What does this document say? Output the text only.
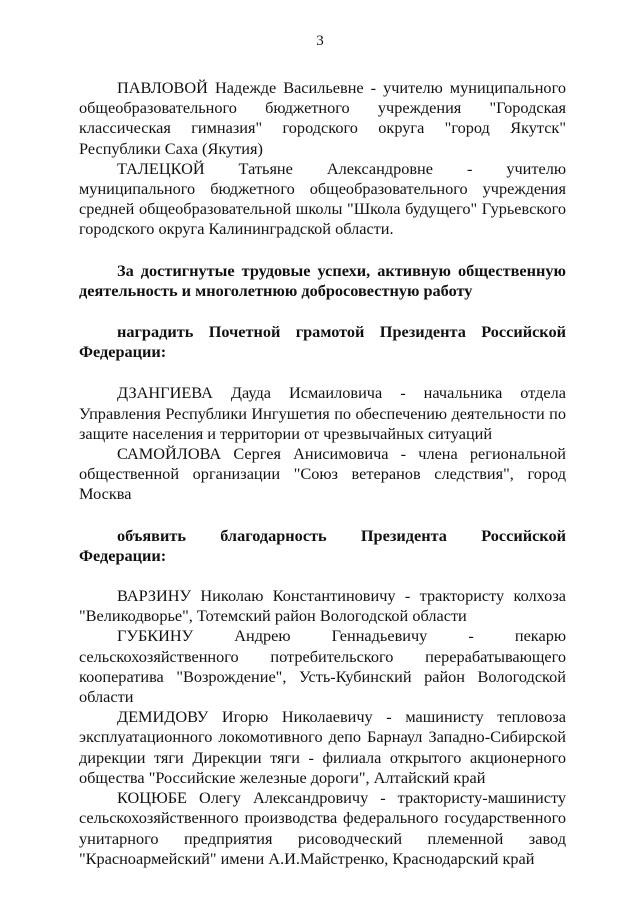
3

ПАВЛОВОЙ Надежде Васильевне - учителю муниципального общеобразовательного бюджетного учреждения "Городская классическая гимназия" городского округа "город Якутск" Республики Саха (Якутия)

ТАЛЕЦКОЙ Татьяне Александровне - учителю муниципального бюджетного общеобразовательного учреждения средней общеобразовательной школы "Школа будущего" Гурьевского городского округа Калининградской области.

За достигнутые трудовые успехи, активную общественную деятельность и многолетнюю добросовестную работу

наградить Почетной грамотой Президента Российской Федерации:

ДЗАНГИЕВА Дауда Исмаиловича - начальника отдела Управления Республики Ингушетия по обеспечению деятельности по защите населения и территории от чрезвычайных ситуаций

САМОЙЛОВА Сергея Анисимовича - члена региональной общественной организации "Союз ветеранов следствия", город Москва

объявить благодарность Президента Российской Федерации:

ВАРЗИНУ Николаю Константиновичу - трактористу колхоза "Великодворье", Тотемский район Вологодской области

ГУБКИНУ Андрею Геннадьевичу - пекарю сельскохозяйственного потребительского перерабатывающего кооператива "Возрождение", Усть-Кубинский район Вологодской области

ДЕМИДОВУ Игорю Николаевичу - машинисту тепловоза эксплуатационного локомотивного депо Барнаул Западно-Сибирской дирекции тяги Дирекции тяги - филиала открытого акционерного общества "Российские железные дороги", Алтайский край

КОЦЮБЕ Олегу Александровичу - трактористу-машинисту сельскохозяйственного производства федерального государственного унитарного предприятия рисоводческий племенной завод "Красноармейский" имени А.И.Майстренко, Краснодарский край
